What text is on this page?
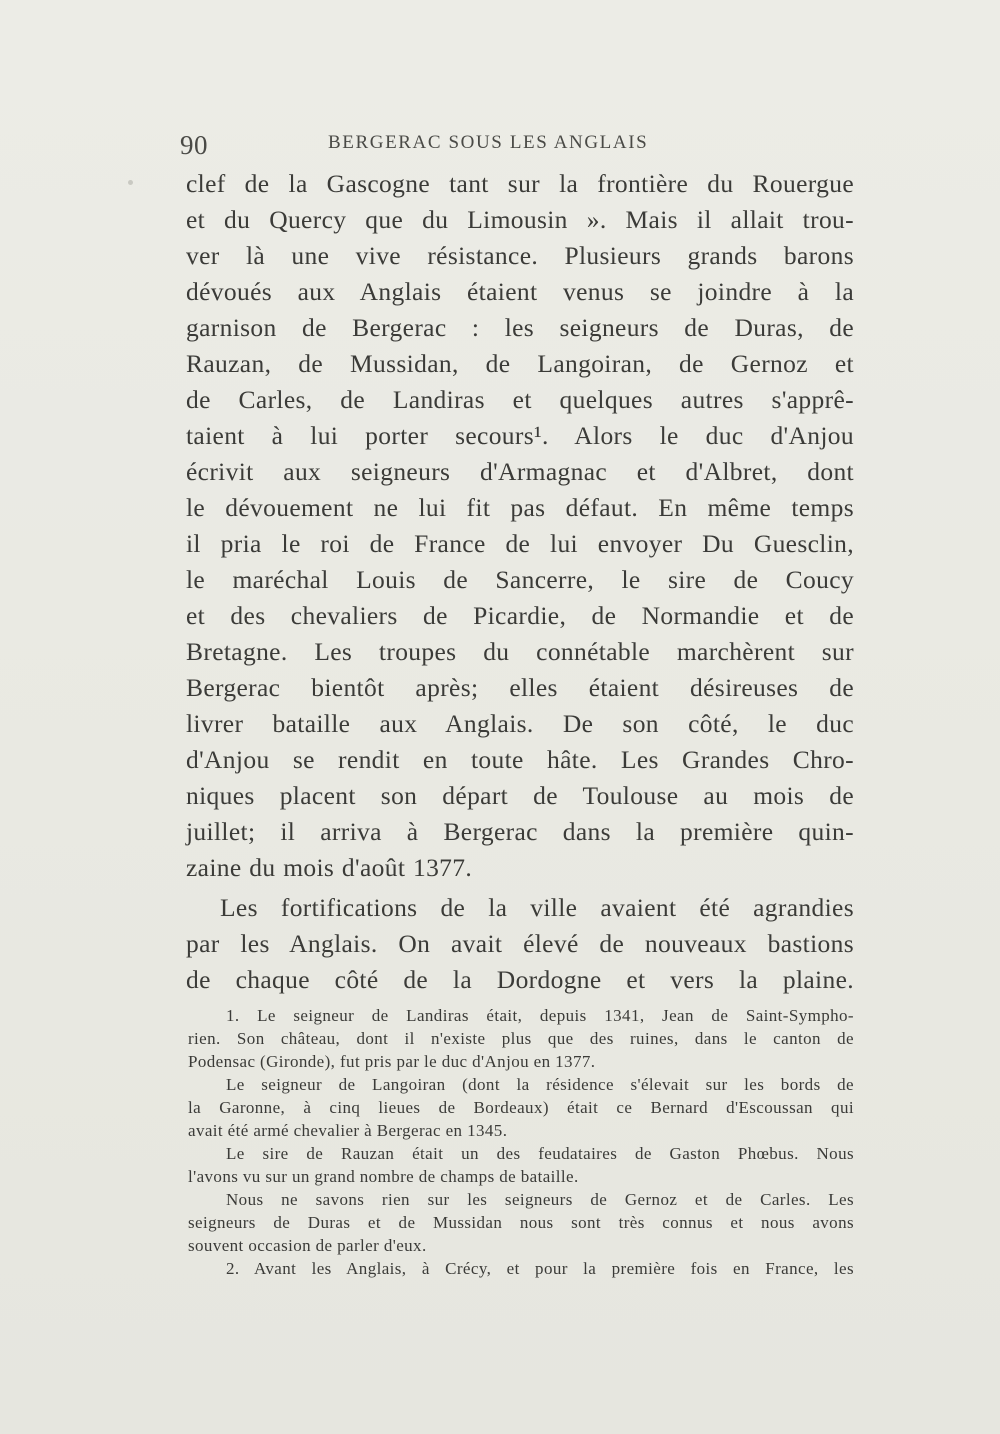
90	BERGERAC SOUS LES ANGLAIS
clef de la Gascogne tant sur la frontière du Rouergue
et du Quercy que du Limousin ». Mais il allait trou-
ver là une vive résistance. Plusieurs grands barons
dévoués aux Anglais étaient venus se joindre à la
garnison de Bergerac : les seigneurs de Duras, de
Rauzan, de Mussidan, de Langoiran, de Gernoz et
de Carles, de Landiras et quelques autres s'apprê-
taient à lui porter secours¹. Alors le duc d'Anjou
écrivit aux seigneurs d'Armagnac et d'Albret, dont
le dévouement ne lui fit pas défaut. En même temps
il pria le roi de France de lui envoyer Du Guesclin,
le maréchal Louis de Sancerre, le sire de Coucy
et des chevaliers de Picardie, de Normandie et de
Bretagne. Les troupes du connétable marchèrent sur
Bergerac bientôt après; elles étaient désireuses de
livrer bataille aux Anglais. De son côté, le duc
d'Anjou se rendit en toute hâte. Les Grandes Chro-
niques placent son départ de Toulouse au mois de
juillet; il arriva à Bergerac dans la première quin-
zaine du mois d'août 1377.
Les fortifications de la ville avaient été agrandies
par les Anglais. On avait élevé de nouveaux bastions
de chaque côté de la Dordogne et vers la plaine.
1. Le seigneur de Landiras était, depuis 1341, Jean de Saint-Sympho-
rien. Son château, dont il n'existe plus que des ruines, dans le canton de
Podensac (Gironde), fut pris par le duc d'Anjou en 1377.
Le seigneur de Langoiran (dont la résidence s'élevait sur les bords de
la Garonne, à cinq lieues de Bordeaux) était ce Bernard d'Escoussan qui
avait été armé chevalier à Bergerac en 1345.
Le sire de Rauzan était un des feudataires de Gaston Phœbus. Nous
l'avons vu sur un grand nombre de champs de bataille.
Nous ne savons rien sur les seigneurs de Gernoz et de Carles. Les
seigneurs de Duras et de Mussidan nous sont très connus et nous avons
souvent occasion de parler d'eux.
2. Avant les Anglais, à Crécy, et pour la première fois en France, les
